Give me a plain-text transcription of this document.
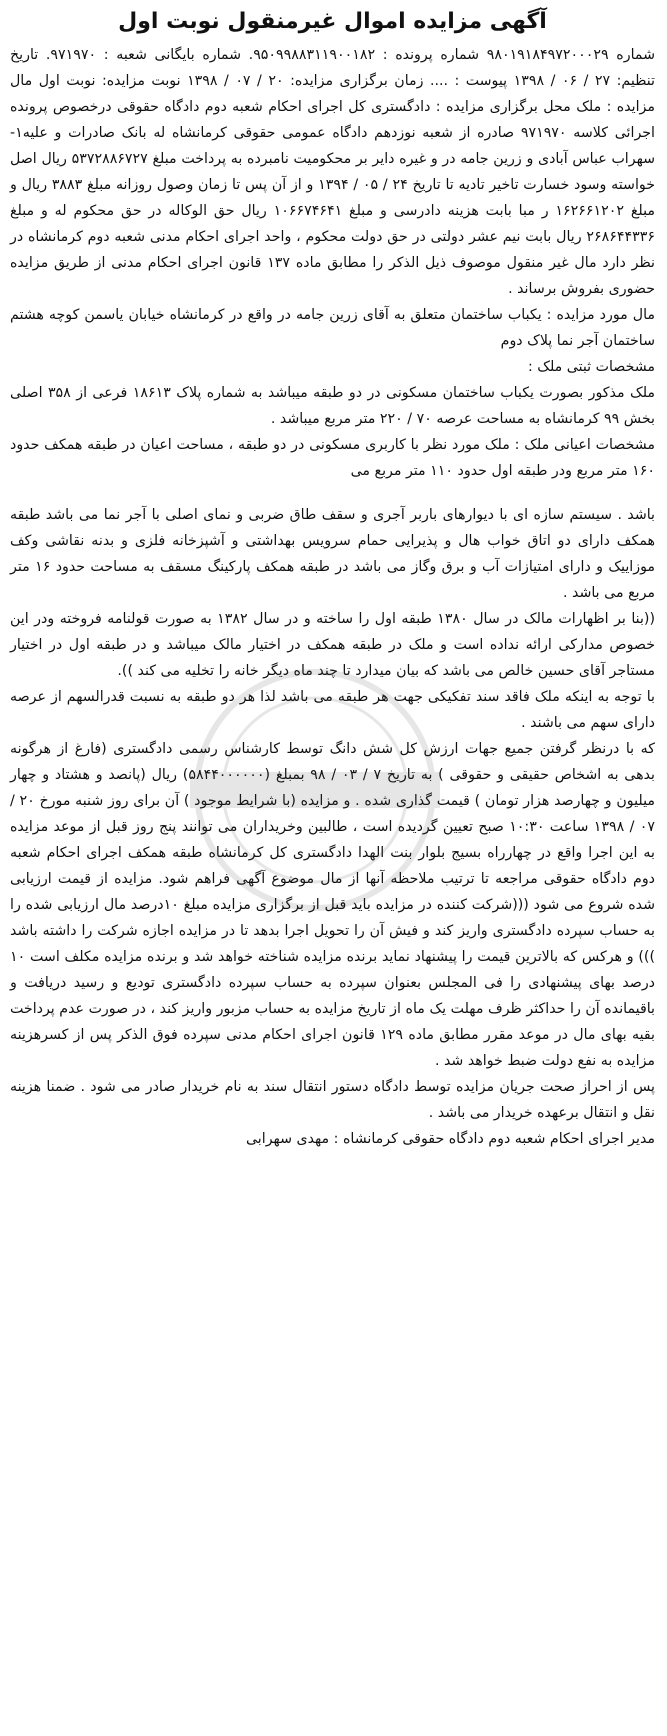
آگهی مزایده اموال غیرمنقول نوبت اول

شماره ۹۸۰۱۹۱۸۴۹۷۲۰۰۰۲۹ شماره پرونده : ۹۵۰۹۹۸۸۳۱۱۹۰۰۱۸۲. شماره بایگانی شعبه : ۹۷۱۹۷۰. تاریخ تنظیم: ۲۷ / ۰۶ / ۱۳۹۸ پیوست : .... زمان برگزاری مزایده: ۲۰ / ۰۷ / ۱۳۹۸ نوبت مزایده: نوبت اول مال مزایده : ملک محل برگزاری مزایده : دادگستری کل اجرای احکام شعبه دوم دادگاه حقوقی درخصوص پرونده اجرائی کلاسه ۹۷۱۹۷۰ صادره از شعبه نوزدهم دادگاه عمومی حقوقی کرمانشاه له بانک صادرات و علیه۱-سهراب عباس آبادی و زرین جامه در و غیره دایر بر محکومیت نامبرده به پرداخت مبلغ ۵۳۷۲۸۸۶۷۲۷ ریال اصل خواسته وسود خسارت تاخیر تادیه تا تاریخ ۲۴ / ۰۵ / ۱۳۹۴ و از آن پس تا زمان وصول روزانه مبلغ ۳۸۸۳ ریال و مبلغ ۱۶۲۶۶۱۲۰۲ ر مبا بابت هزینه دادرسی و مبلغ ۱۰۶۶۷۴۶۴۱ ریال حق الوکاله در حق محکوم له و مبلغ ۲۶۸۶۴۴۳۳۶ ریال بابت نیم عشر دولتی در حق دولت محکوم ، واحد اجرای احکام مدنی شعبه دوم کرمانشاه در نظر دارد مال غیر منقول موصوف ذیل الذکر را مطابق ماده ۱۳۷ قانون اجرای احکام مدنی از طریق مزایده حضوری بفروش برساند .

مال مورد مزایده : یکباب ساختمان متعلق به آقای زرین جامه در واقع در کرمانشاه خیابان یاسمن کوچه هشتم ساختمان آجر نما پلاک دوم

مشخصات ثبتی ملک :

ملک مذکور بصورت یکباب ساختمان مسکونی در دو طبقه میباشد به شماره پلاک ۱۸۶۱۳ فرعی از ۳۵۸ اصلی بخش ۹۹ کرمانشاه به مساحت عرصه ۷۰ / ۲۲۰ متر مربع میباشد .

مشخصات اعیانی ملک : ملک مورد نظر با کاربری مسکونی در دو طبقه ، مساحت اعیان در طبقه همکف حدود ۱۶۰ متر مربع ودر طبقه اول حدود ۱۱۰ متر مربع می

باشد . سیستم سازه ای با دیوارهای باربر آجری و سقف طاق ضربی و نمای اصلی با آجر نما می باشد طبقه همکف دارای دو اتاق خواب هال و پذیرایی حمام سرویس بهداشتی و آشپزخانه فلزی و بدنه نقاشی وکف موزاییک و دارای امتیازات آب و برق وگاز می باشد در طبقه همکف پارکینگ مسقف به مساحت حدود ۱۶ متر مربع می باشد .

((بنا بر اظهارات مالک در سال ۱۳۸۰ طبقه اول را ساخته و در سال ۱۳۸۲ به صورت قولنامه فروخته ودر این خصوص مدارکی ارائه نداده است و ملک در طبقه همکف در اختیار مالک میباشد و در طبقه اول در اختیار مستاجر آقای حسین خالص می باشد که بیان میدارد تا چند ماه دیگر خانه را تخلیه می کند )).

با توجه به اینکه ملک فاقد سند تفکیکی جهت هر طبقه می باشد لذا هر دو طبقه به نسبت قدرالسهم از عرصه دارای سهم می باشند .

که با درنظر گرفتن جمیع جهات ارزش کل شش دانگ توسط کارشناس رسمی دادگستری (فارغ از هرگونه بدهی به اشخاص حقیقی و حقوقی ) به تاریخ ۷ / ۰۳ / ۹۸ بمبلغ (۵۸۴۴۰۰۰۰۰۰) ریال (پانصد و هشتاد و چهار میلیون و چهارصد هزار تومان ) قیمت گذاری شده . و مزایده (با شرایط موجود ) آن برای روز شنبه مورخ ۲۰ / ۰۷ / ۱۳۹۸ ساعت ۱۰:۳۰ صبح تعیین گردیده است ، طالبین وخریداران می توانند پنج روز قبل از موعد مزایده به این اجرا واقع در چهارراه بسیج بلوار بنت الهدا دادگستری کل کرمانشاه طبقه همکف اجرای احکام شعبه دوم دادگاه حقوقی مراجعه تا ترتیب ملاحظه آنها از مال موضوع آگهی فراهم شود. مزایده از قیمت ارزیابی شده شروع می شود (((شرکت کننده در مزایده باید قبل از برگزاری مزایده مبلغ ۱۰درصد مال ارزیابی شده را به حساب سپرده دادگستری واریز کند و فیش آن را تحویل اجرا بدهد تا در مزایده اجازه شرکت را داشته باشد ))) و هرکس که بالاترین قیمت را پیشنهاد نماید برنده مزایده شناخته خواهد شد و برنده مزایده مکلف است ۱۰ درصد بهای پیشنهادی را فی المجلس بعنوان سپرده به حساب سپرده دادگستری تودیع و رسید دریافت و باقیمانده آن را حداکثر ظرف مهلت یک ماه از تاریخ مزایده به حساب مزبور واریز کند ، در صورت عدم پرداخت بقیه بهای مال در موعد مقرر مطابق ماده ۱۲۹ قانون اجرای احکام مدنی سپرده فوق الذکر پس از کسرهزینه مزایده به نفع دولت ضبط خواهد شد .

پس از احراز صحت جریان مزایده توسط دادگاه دستور انتقال سند به نام خریدار صادر می شود . ضمنا هزینه نقل و انتقال برعهده خریدار می باشد .

مدیر اجرای احکام شعبه دوم دادگاه حقوقی کرمانشاه : مهدی سهرابی
